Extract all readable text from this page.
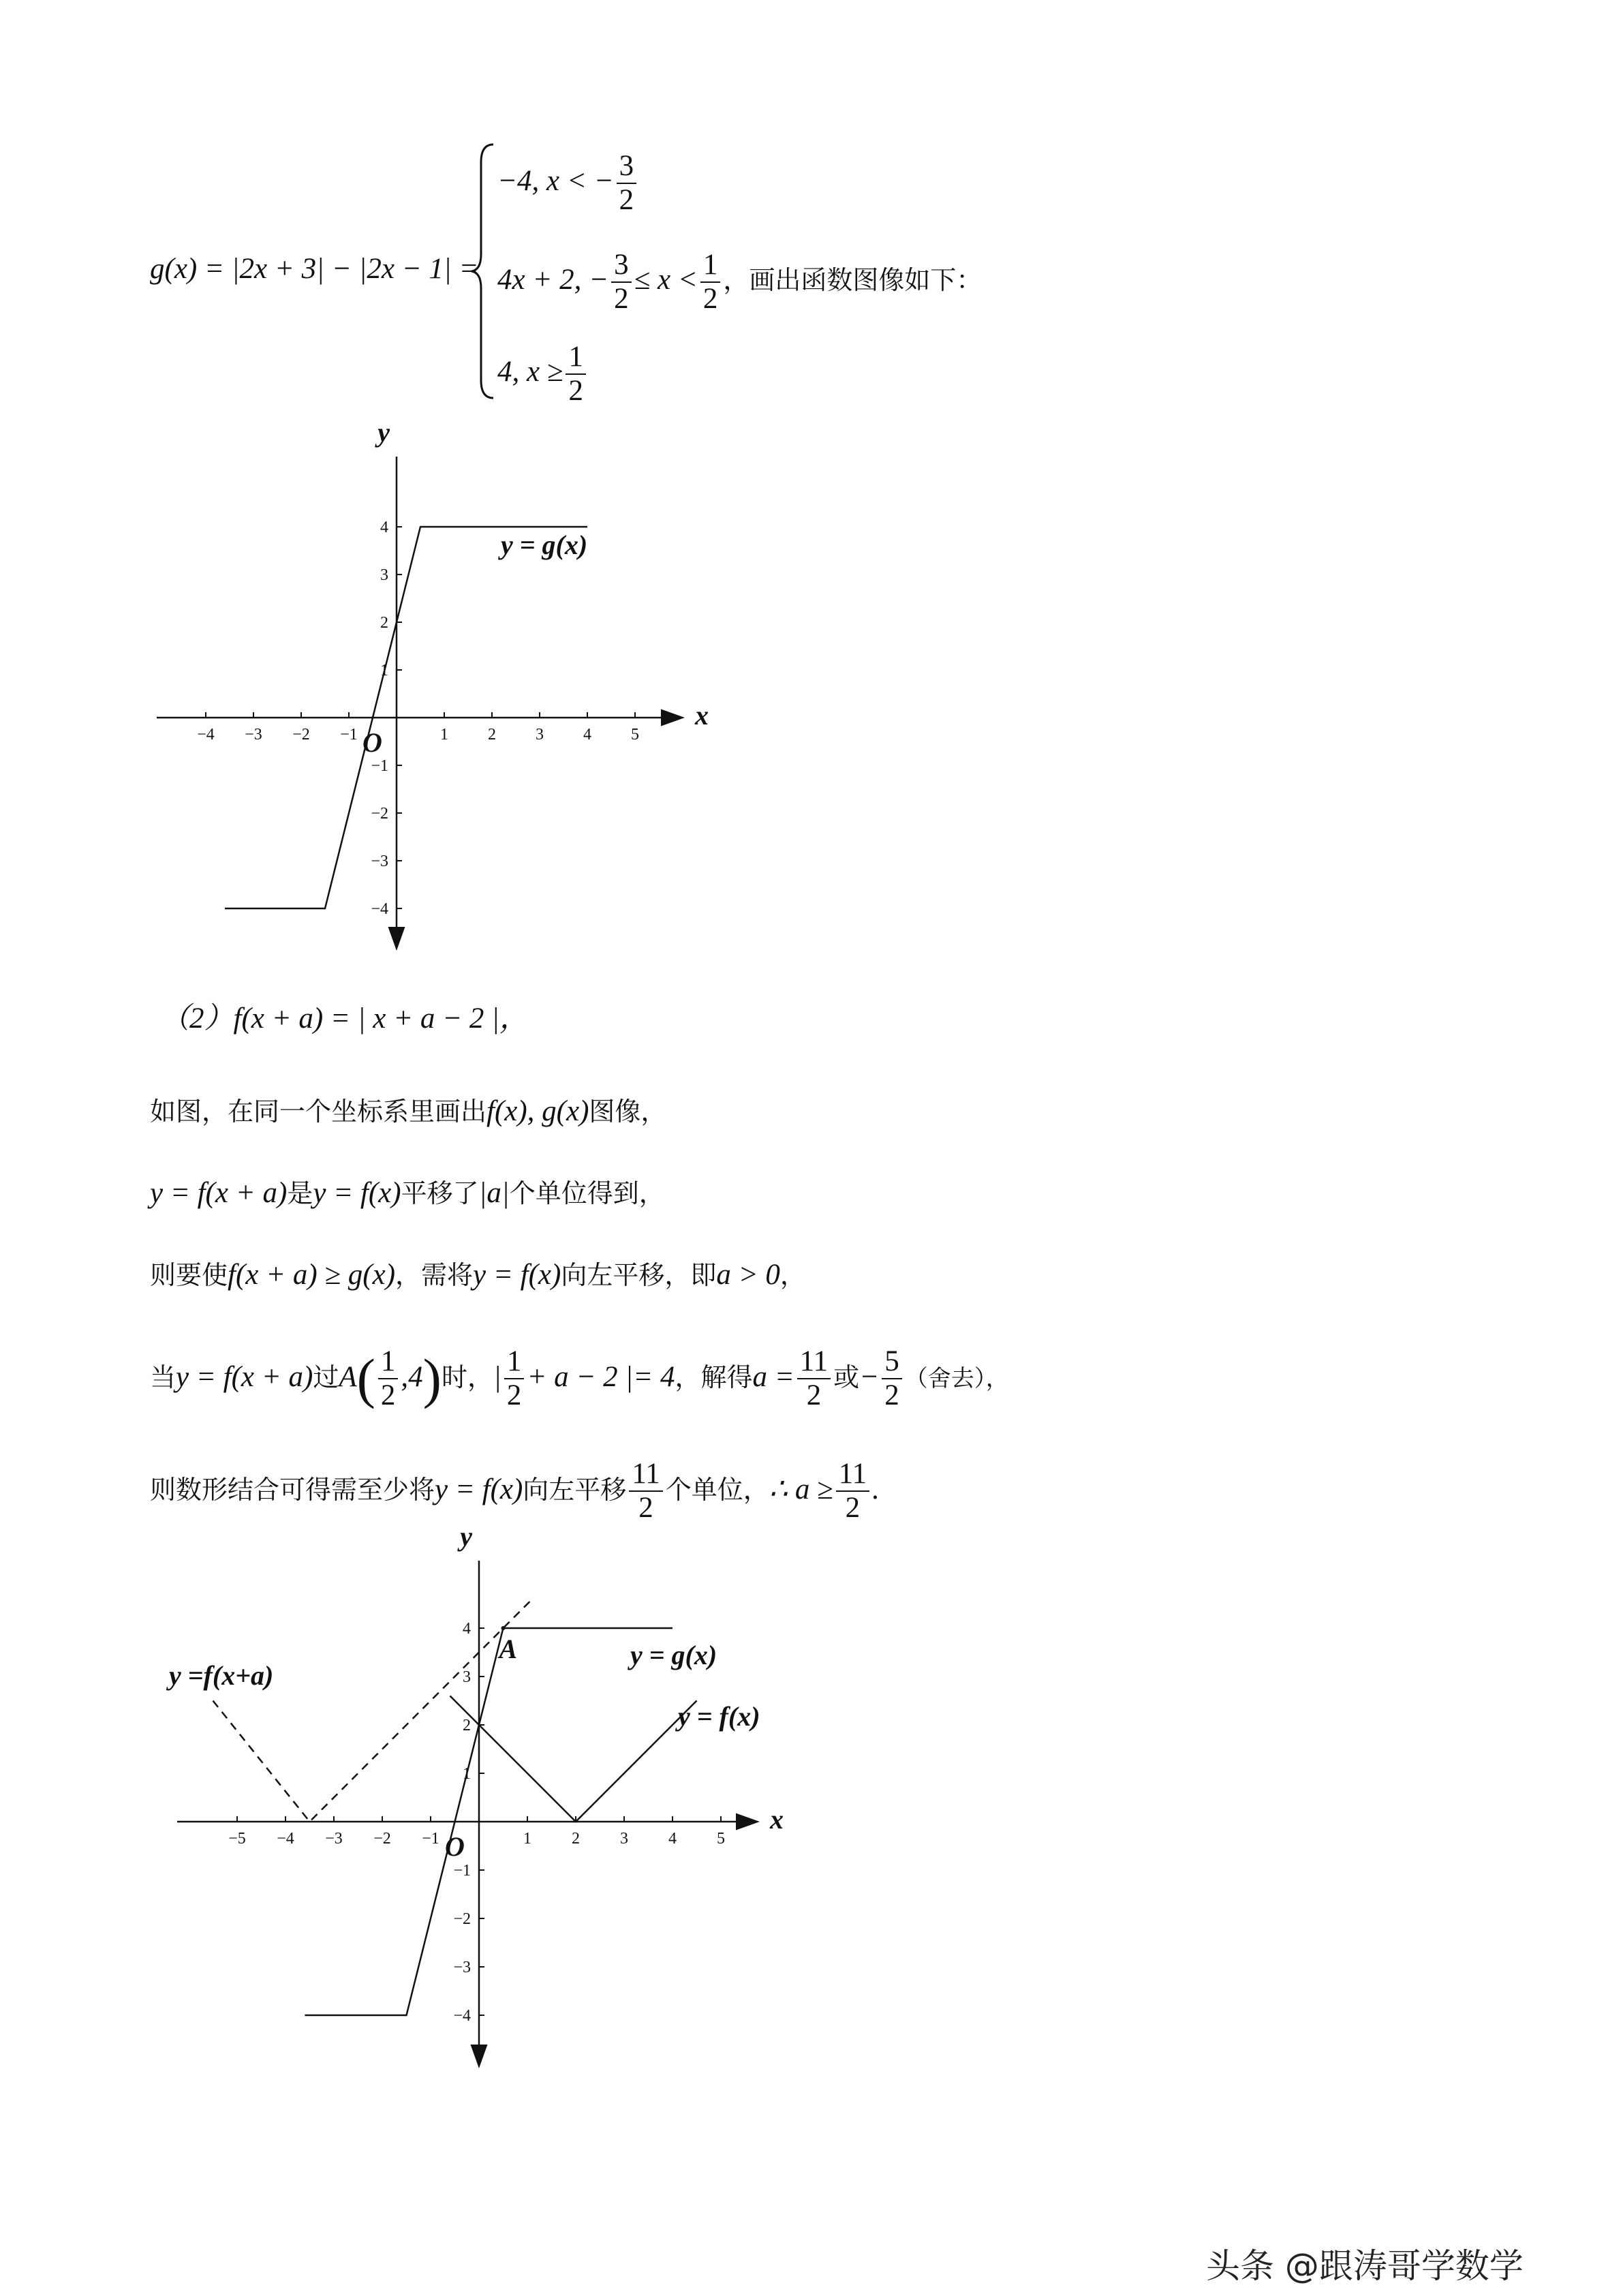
g(x) = |2x + 3| − |2x − 1| =
−4, x < − $\frac{3}{2}$
4x + 2, − $\frac{3}{2} \le x < \frac{1}{2}$ ，画出函数图像如下：
4, $x \ge \frac{1}{2}$
−4 −3 −2 −1	1 2 3 4 5
4
3
2
1
−1
−2
−3
−4
x
y
O
y = g(x)
（2）f(x + a) = | x + a − 2 |，
如图，在同一个坐标系里画出f(x), g(x)图像，
y = f(x + a)是y = f(x)平移了|a|个单位得到，
则要使f(x + a) ≥ g(x)，需将y = f(x)向左平移，即a > 0，
当y = f(x + a)过$A( \frac{1}{2} ,4)$时，| $\frac{1}{2} + a - 2$ |= 4，解得$a = \frac{11}{2}$ 或− $\frac{5}{2}$ （舍去），
则数形结合可得需至少将y = f(x)向左平移 $\frac{11}{2}$ 个单位，∴ $a \ge \frac{11}{2}$ .
−5 −4 −3 −2 −1	1 2 3 4 5
4
3
2
1
−1
−2
−3
−4
x
y
O
A	y = g(x)
y = f(x)
y =f(x+a)
头条 @跟涛哥学数学
